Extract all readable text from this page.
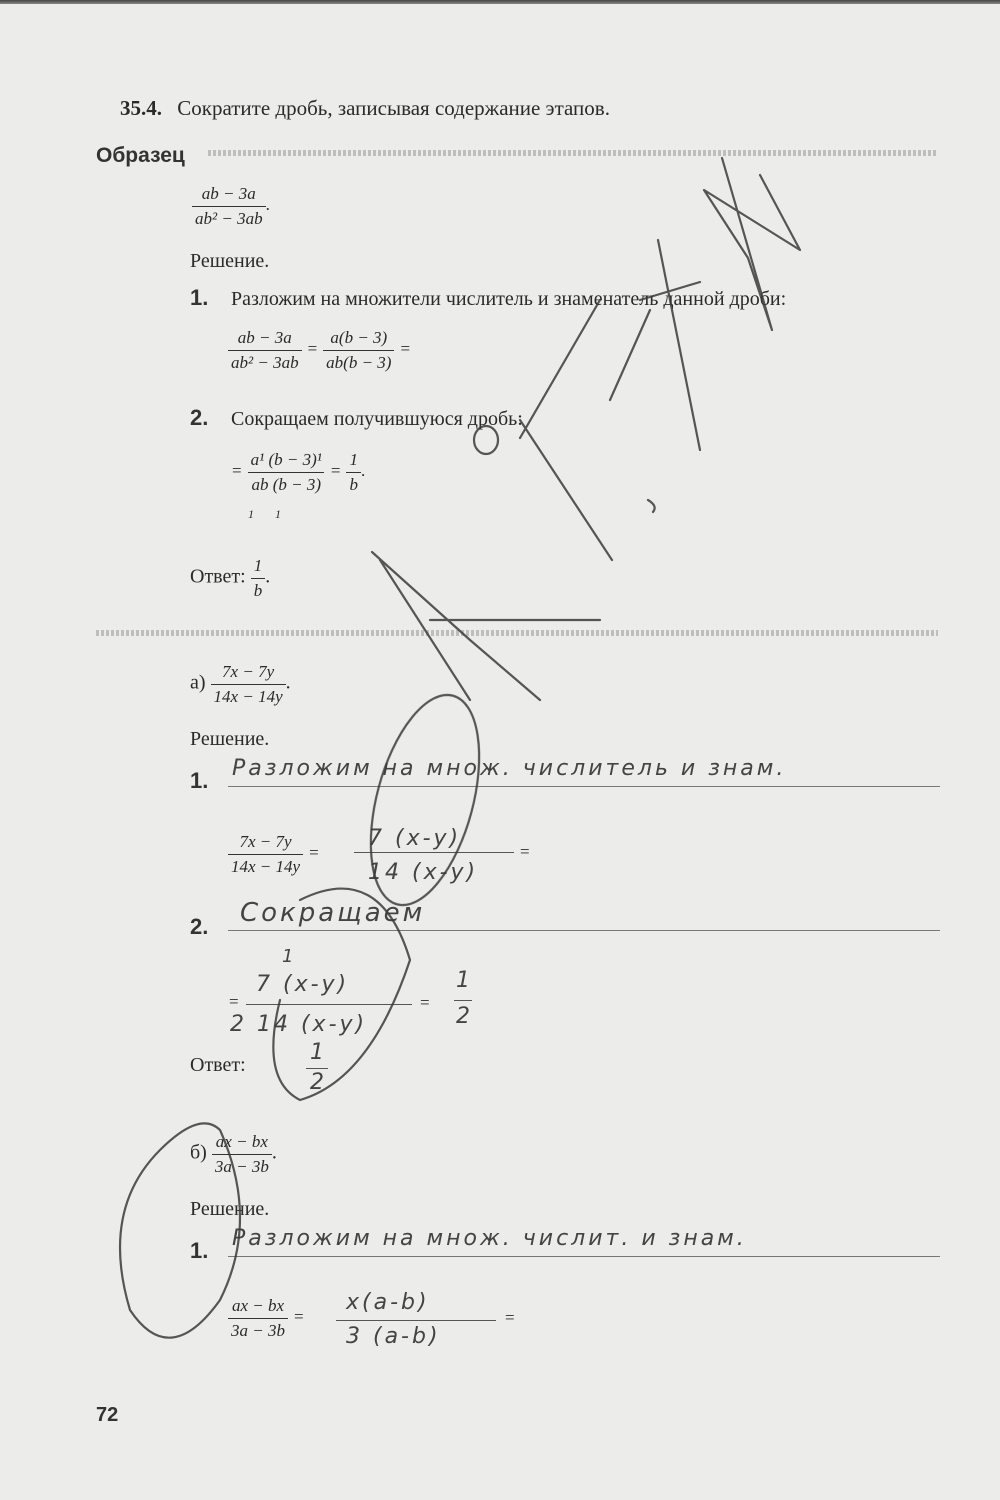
35.4. Сократите дробь, записывая содержание этапов.
Образец
$\frac{ab - 3a}{\text{ab² − 3ab}}$ .
Решение.
1. Разложим на множители числитель и знаменатель данной дроби:
$\frac{ab - 3a}{\text{ab² − 3ab}} = \frac{a(b - 3)}{ab(b - 3)}$ =
2. Сокращаем получившуюся дробь:
= $\frac{\text{a¹ (b − 3)¹}}{ab (b - 3)} = \frac{1}{b}$ .
1 1
Ответ: $\frac{1}{b}$ .
$а) \frac{7x - 7y}{14x - 14y}$ .
Решение.
1.	Разложим на множ. числитель и знам.
$\frac{7x - 7y}{14x - 14y}$ =
7 (x-y)
14 (x-y)
=
2.	Сокращаем
=
1
7 (x-y)
2 14 (x-y)
=
1
2
Ответ:	1
2
$б) \frac{ax - bx}{3a - 3b}$ .
Решение.
1.	Разложим на множ. числит. и знам.
$\frac{ax - bx}{3a - 3b}$ =
x(a-b)
3 (a-b)
=
72
